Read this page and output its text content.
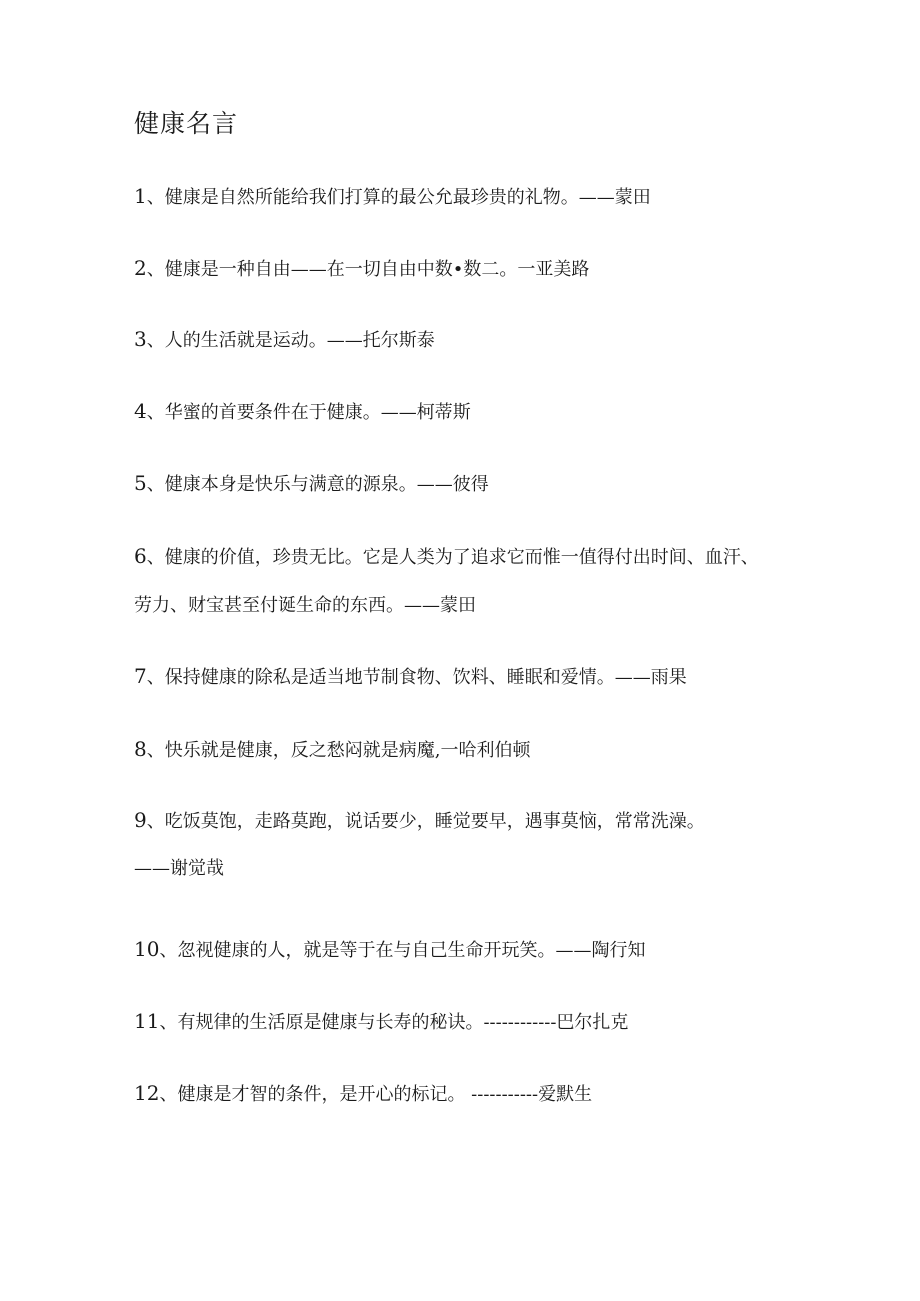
健康名言
1、健康是自然所能给我们打算的最公允最珍贵的礼物。——蒙田
2、健康是一种自由——在一切自由中数•数二。一亚美路
3、人的生活就是运动。——托尔斯泰
4、华蜜的首要条件在于健康。——柯蒂斯
5、健康本身是快乐与满意的源泉。——彼得
6、健康的价值，珍贵无比。它是人类为了追求它而惟一值得付出时间、血汗、
劳力、财宝甚至付诞生命的东西。——蒙田
7、保持健康的除私是适当地节制食物、饮料、睡眠和爱情。——雨果
8、快乐就是健康，反之愁闷就是病魔,一哈利伯顿
9、吃饭莫饱，走路莫跑，说话要少，睡觉要早，遇事莫恼，常常洗澡。
——谢觉哉
10、忽视健康的人，就是等于在与自己生命开玩笑。——陶行知
11、有规律的生活原是健康与长寿的秘诀。------------巴尔扎克
12、健康是才智的条件，是开心的标记。 -----------爱默生
